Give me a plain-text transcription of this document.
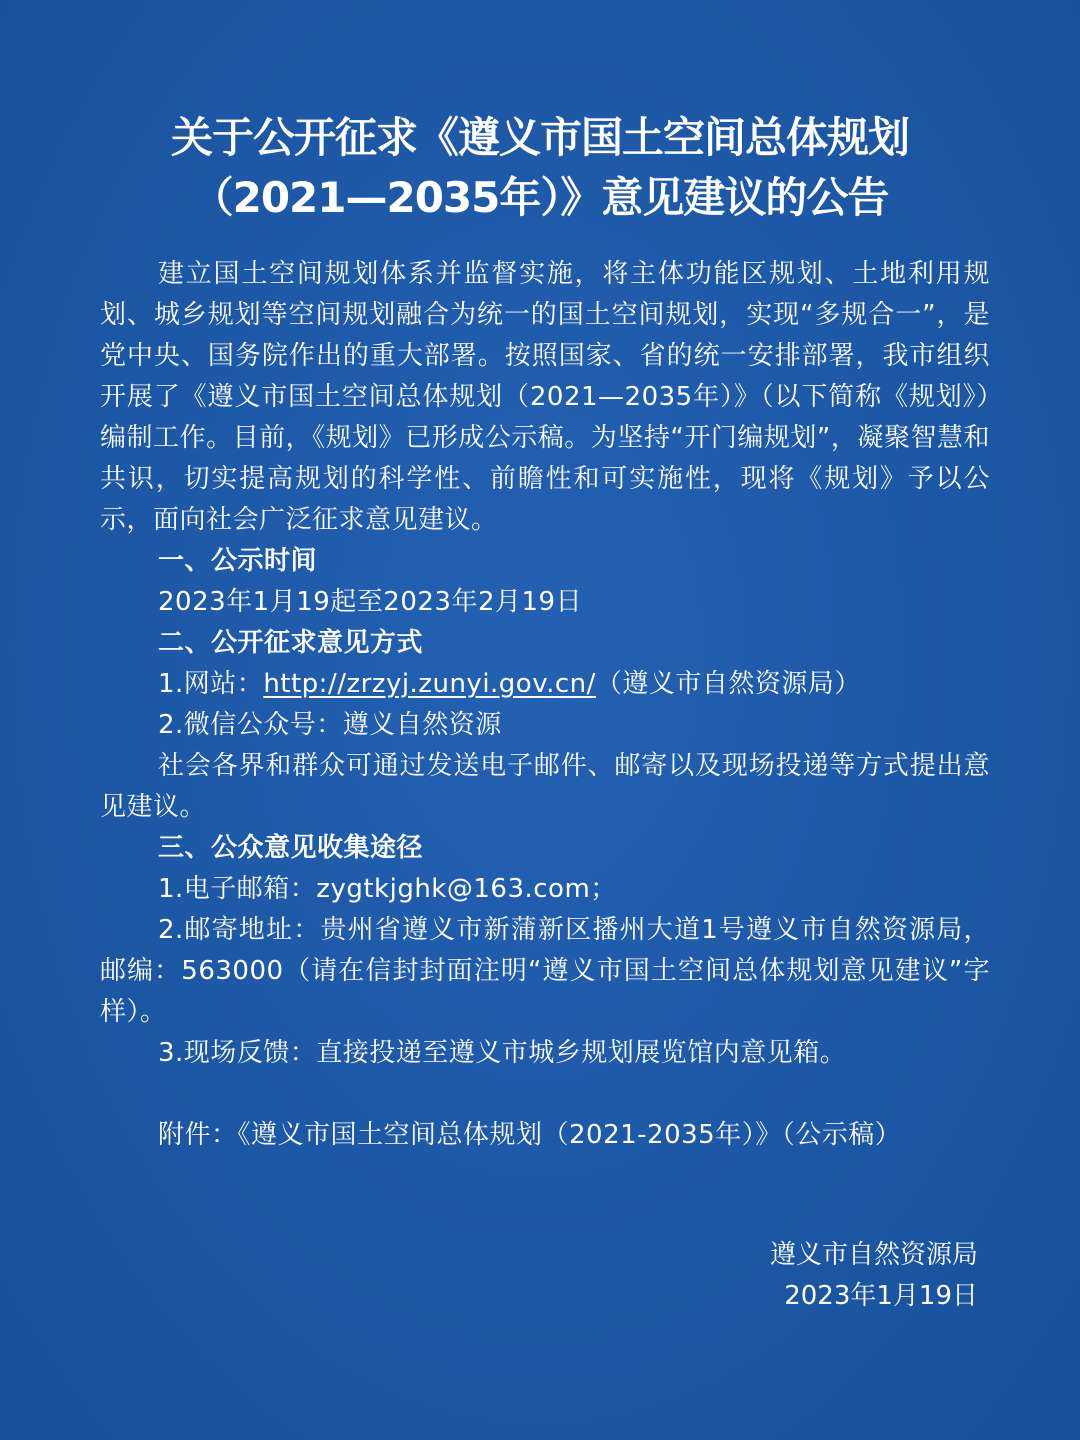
关于公开征求《遵义市国土空间总体规划
（2021—2035年）》意见建议的公告

建立国土空间规划体系并监督实施，将主体功能区规划、土地利用规划、城乡规划等空间规划融合为统一的国土空间规划，实现“多规合一”，是党中央、国务院作出的重大部署。按照国家、省的统一安排部署，我市组织开展了《遵义市国土空间总体规划（2021—2035年）》（以下简称《规划》）编制工作。目前，《规划》已形成公示稿。为坚持“开门编规划”，凝聚智慧和共识，切实提高规划的科学性、前瞻性和可实施性，现将《规划》予以公示，面向社会广泛征求意见建议。

一、公示时间

2023年1月19起至2023年2月19日

二、公开征求意见方式

1.网站：http://zrzyj.zunyi.gov.cn/（遵义市自然资源局）

2.微信公众号：遵义自然资源

社会各界和群众可通过发送电子邮件、邮寄以及现场投递等方式提出意见建议。

三、公众意见收集途径

1.电子邮箱：zygtkjghk@163.com；

2.邮寄地址：贵州省遵义市新蒲新区播州大道1号遵义市自然资源局，邮编：563000（请在信封封面注明“遵义市国土空间总体规划意见建议”字样）。

3.现场反馈：直接投递至遵义市城乡规划展览馆内意见箱。

附件：《遵义市国土空间总体规划（2021-2035年）》（公示稿）

遵义市自然资源局
2023年1月19日
